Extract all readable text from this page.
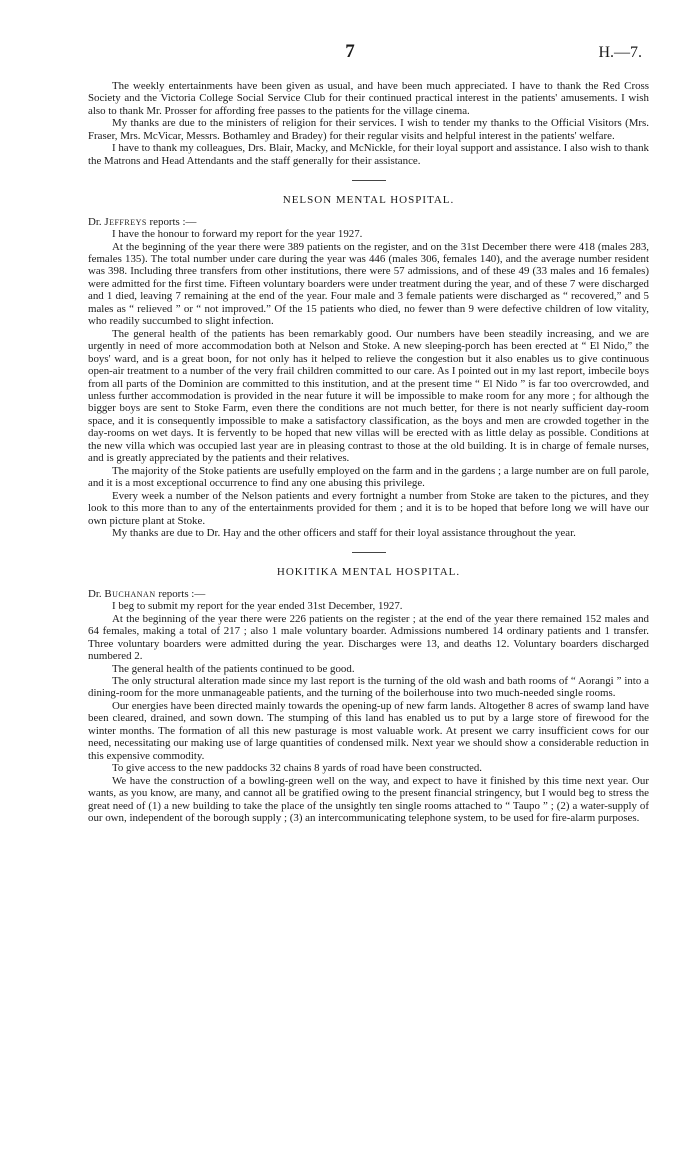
7	H.—7.

The weekly entertainments have been given as usual, and have been much appreciated. I have to thank the Red Cross Society and the Victoria College Social Service Club for their continued practical interest in the patients' amusements. I wish also to thank Mr. Prosser for affording free passes to the patients for the village cinema.

My thanks are due to the ministers of religion for their services. I wish to tender my thanks to the Official Visitors (Mrs. Fraser, Mrs. McVicar, Messrs. Bothamley and Bradey) for their regular visits and helpful interest in the patients' welfare.

I have to thank my colleagues, Drs. Blair, Macky, and McNickle, for their loyal support and assistance. I also wish to thank the Matrons and Head Attendants and the staff generally for their assistance.

NELSON MENTAL HOSPITAL.

Dr. Jeffreys reports :—

I have the honour to forward my report for the year 1927.

At the beginning of the year there were 389 patients on the register, and on the 31st December there were 418 (males 283, females 135). The total number under care during the year was 446 (males 306, females 140), and the average number resident was 398. Including three transfers from other institutions, there were 57 admissions, and of these 49 (33 males and 16 females) were admitted for the first time. Fifteen voluntary boarders were under treatment during the year, and of these 7 were discharged and 1 died, leaving 7 remaining at the end of the year. Four male and 3 female patients were discharged as “ recovered,” and 5 males as “ relieved ” or “ not improved.” Of the 15 patients who died, no fewer than 9 were defective children of low vitality, who readily succumbed to slight infection.

The general health of the patients has been remarkably good. Our numbers have been steadily increasing, and we are urgently in need of more accommodation both at Nelson and Stoke. A new sleeping-porch has been erected at “ El Nido,” the boys' ward, and is a great boon, for not only has it helped to relieve the congestion but it also enables us to give continuous open-air treatment to a number of the very frail children committed to our care. As I pointed out in my last report, imbecile boys from all parts of the Dominion are committed to this institution, and at the present time “ El Nido ” is far too overcrowded, and unless further accommodation is provided in the near future it will be impossible to make room for any more ; for although the bigger boys are sent to Stoke Farm, even there the conditions are not much better, for there is not nearly sufficient day-room space, and it is consequently impossible to make a satisfactory classification, as the boys and men are crowded together in the day-rooms on wet days. It is fervently to be hoped that new villas will be erected with as little delay as possible. Conditions at the new villa which was occupied last year are in pleasing contrast to those at the old building. It is in charge of female nurses, and is greatly appreciated by the patients and their relatives.

The majority of the Stoke patients are usefully employed on the farm and in the gardens ; a large number are on full parole, and it is a most exceptional occurrence to find any one abusing this privilege.

Every week a number of the Nelson patients and every fortnight a number from Stoke are taken to the pictures, and they look to this more than to any of the entertainments provided for them ; and it is to be hoped that before long we will have our own picture plant at Stoke.

My thanks are due to Dr. Hay and the other officers and staff for their loyal assistance throughout the year.

HOKITIKA MENTAL HOSPITAL.

Dr. Buchanan reports :—

I beg to submit my report for the year ended 31st December, 1927.

At the beginning of the year there were 226 patients on the register ; at the end of the year there remained 152 males and 64 females, making a total of 217 ; also 1 male voluntary boarder. Admissions numbered 14 ordinary patients and 1 transfer. Three voluntary boarders were admitted during the year. Discharges were 13, and deaths 12. Voluntary boarders discharged numbered 2.

The general health of the patients continued to be good.

The only structural alteration made since my last report is the turning of the old wash and bath rooms of “ Aorangi ” into a dining-room for the more unmanageable patients, and the turning of the boilerhouse into two much-needed single rooms.

Our energies have been directed mainly towards the opening-up of new farm lands. Altogether 8 acres of swamp land have been cleared, drained, and sown down. The stumping of this land has enabled us to put by a large store of firewood for the winter months. The formation of all this new pasturage is most valuable work. At present we carry insufficient cows for our need, necessitating our making use of large quantities of condensed milk. Next year we should show a considerable reduction in this expensive commodity.

To give access to the new paddocks 32 chains 8 yards of road have been constructed.

We have the construction of a bowling-green well on the way, and expect to have it finished by this time next year. Our wants, as you know, are many, and cannot all be gratified owing to the present financial stringency, but I would beg to stress the great need of (1) a new building to take the place of the unsightly ten single rooms attached to “ Taupo ” ; (2) a water-supply of our own, independent of the borough supply ; (3) an intercommunicating telephone system, to be used for fire-alarm purposes.
